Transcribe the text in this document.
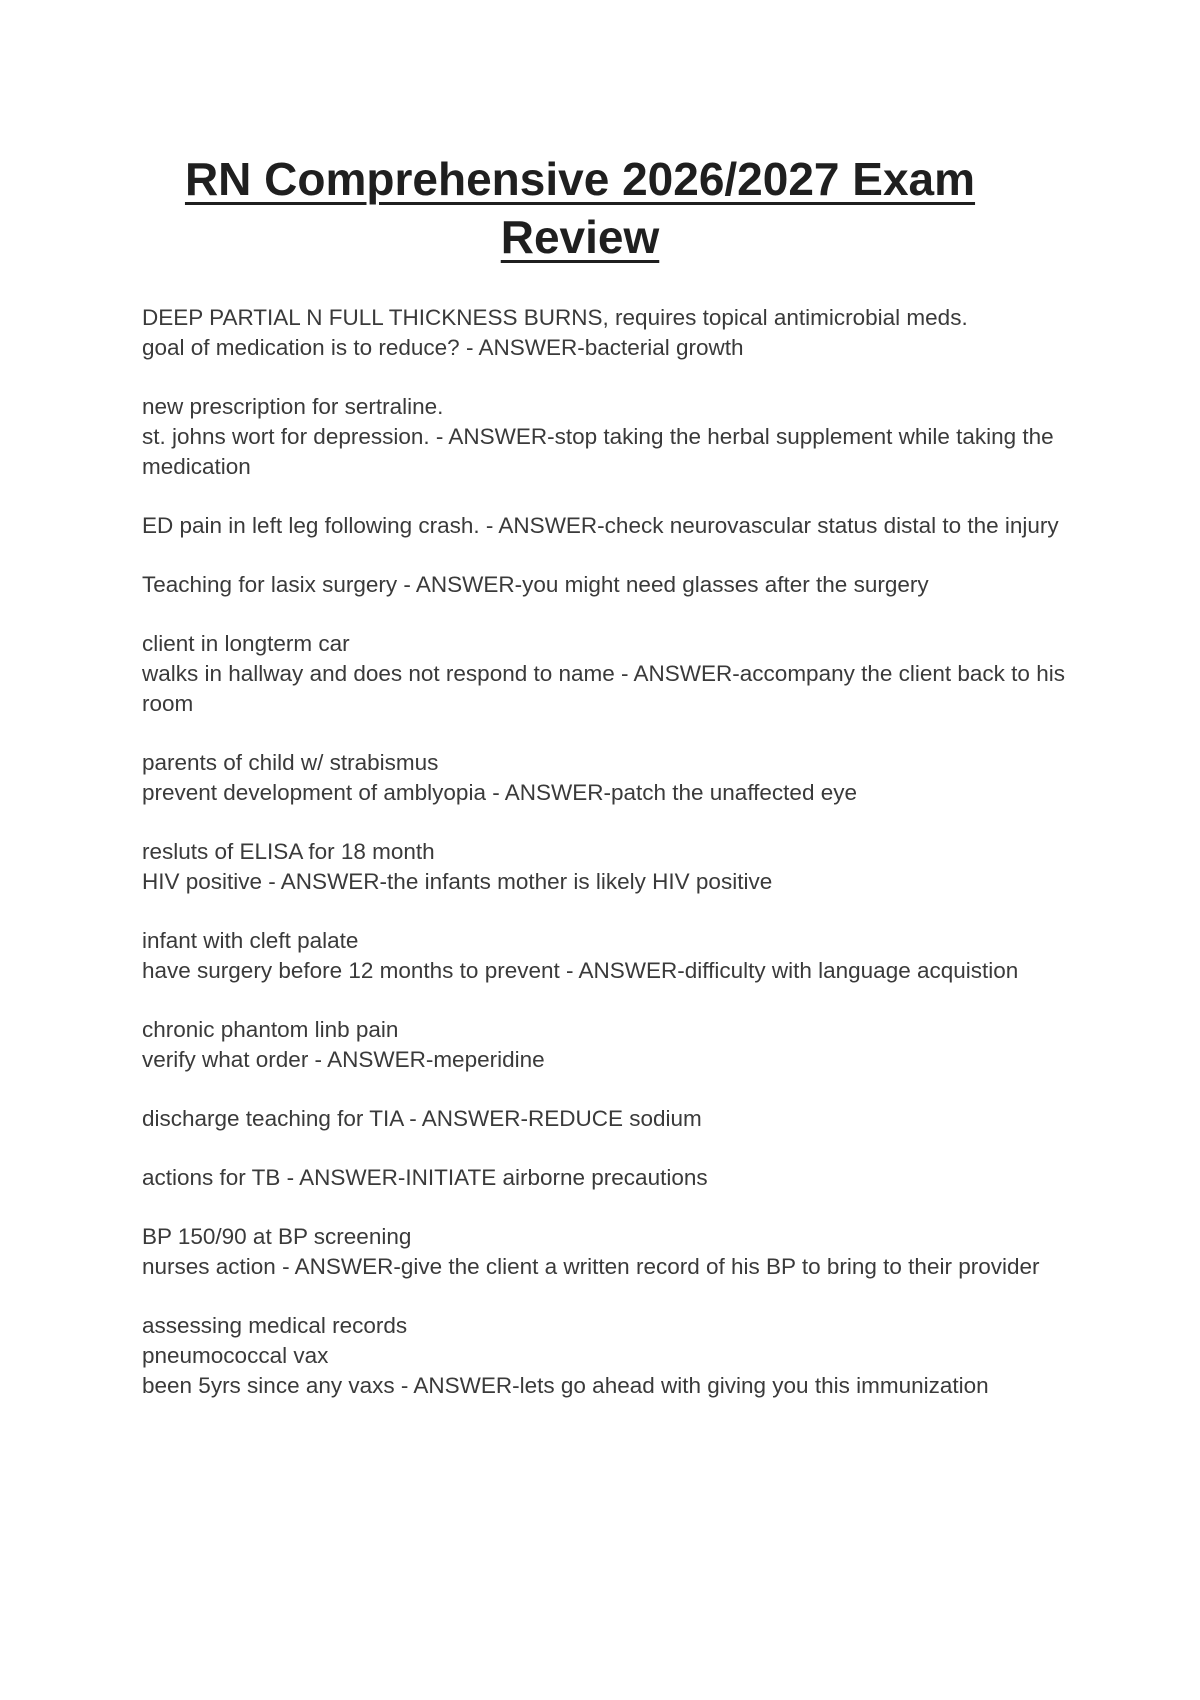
RN Comprehensive 2026/2027 Exam Review

DEEP PARTIAL N FULL THICKNESS BURNS, requires topical antimicrobial meds.
goal of medication is to reduce? - ANSWER-bacterial growth

new prescription for sertraline.
st. johns wort for depression. - ANSWER-stop taking the herbal supplement while taking the medication

ED pain in left leg following crash. - ANSWER-check neurovascular status distal to the injury

Teaching for lasix surgery - ANSWER-you might need glasses after the surgery

client in longterm car
walks in hallway and does not respond to name - ANSWER-accompany the client back to his room

parents of child w/ strabismus
prevent development of amblyopia - ANSWER-patch the unaffected eye

resluts of ELISA for 18 month
HIV positive - ANSWER-the infants mother is likely HIV positive

infant with cleft palate
have surgery before 12 months to prevent - ANSWER-difficulty with language acquistion

chronic phantom linb pain
verify what order - ANSWER-meperidine

discharge teaching for TIA - ANSWER-REDUCE sodium

actions for TB - ANSWER-INITIATE airborne precautions

BP 150/90 at BP screening
nurses action - ANSWER-give the client a written record of his BP to bring to their provider

assessing medical records
pneumococcal vax
been 5yrs since any vaxs - ANSWER-lets go ahead with giving you this immunization
